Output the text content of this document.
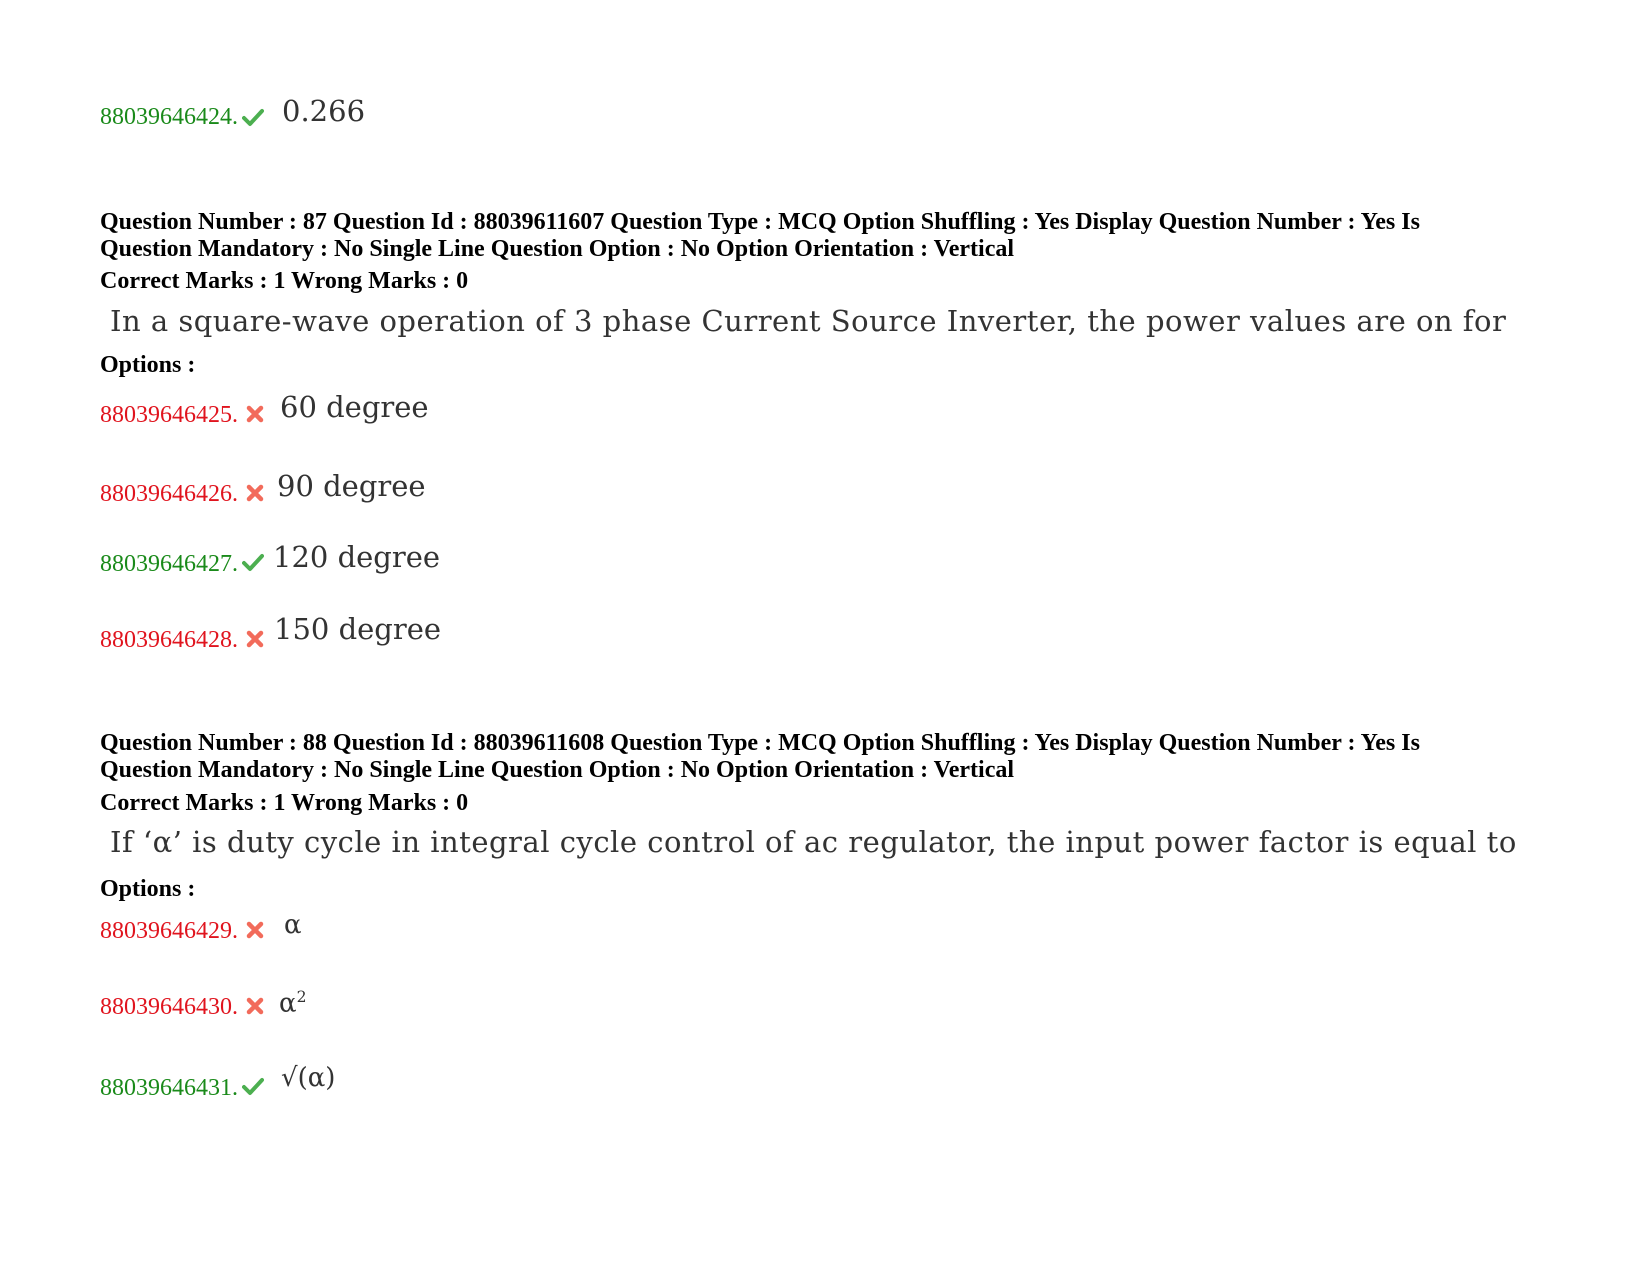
88039646424. 0.266
Question Number : 87 Question Id : 88039611607 Question Type : MCQ Option Shuffling : Yes Display Question Number : Yes Is
Question Mandatory : No Single Line Question Option : No Option Orientation : Vertical
Correct Marks : 1 Wrong Marks : 0
In a square-wave operation of 3 phase Current Source Inverter, the power values are on for
Options :
88039646425. 60 degree
88039646426. 90 degree
88039646427. 120 degree
88039646428. 150 degree
Question Number : 88 Question Id : 88039611608 Question Type : MCQ Option Shuffling : Yes Display Question Number : Yes Is
Question Mandatory : No Single Line Question Option : No Option Orientation : Vertical
Correct Marks : 1 Wrong Marks : 0
If ‘α’ is duty cycle in integral cycle control of ac regulator, the input power factor is equal to
Options :
88039646429. α
88039646430. $\alpha^2$
88039646431. √(α)
